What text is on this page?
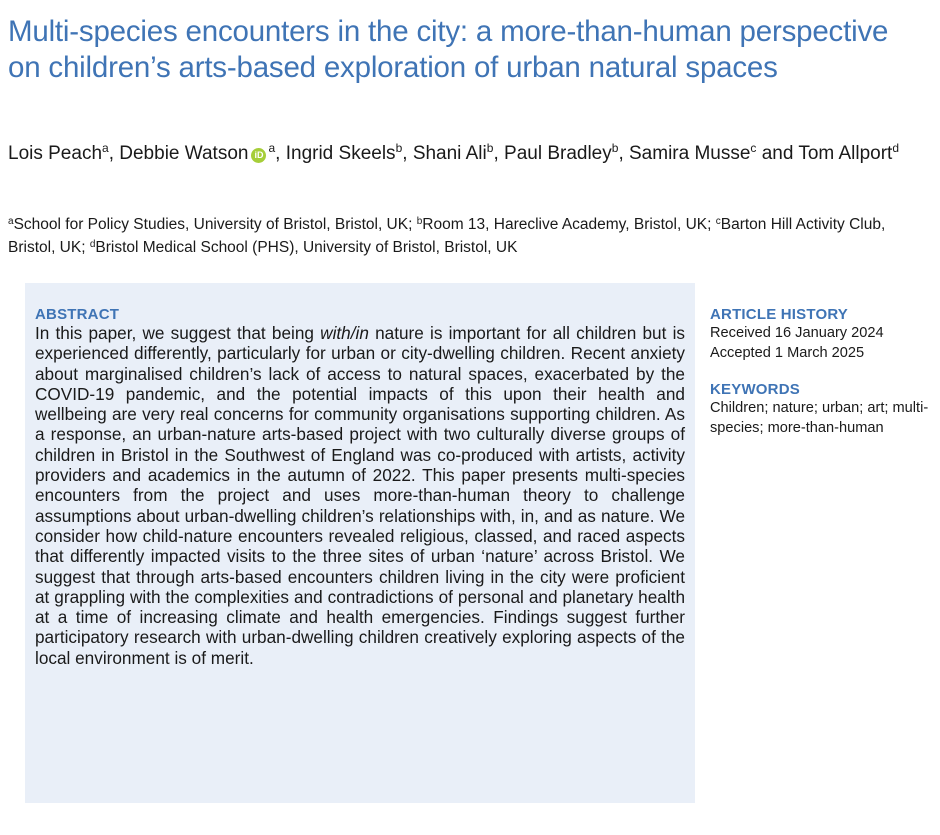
Multi-species encounters in the city: a more-than-human perspective on children’s arts-based exploration of urban natural spaces
Lois Peach$^a$, Debbie Watson iD $^a$, Ingrid Skeels$^b$, Shani Ali$^b$, Paul Bradley$^b$, Samira Musse$^c$ and Tom Allport$^d$
$^a$School for Policy Studies, University of Bristol, Bristol, UK; $^b$Room 13, Hareclive Academy, Bristol, UK; $^c$Barton Hill Activity Club, Bristol, UK; $^d$Bristol Medical School (PHS), University of Bristol, Bristol, UK
ABSTRACT

In this paper, we suggest that being with/in nature is important for all children but is experienced differently, particularly for urban or city-dwelling children. Recent anxiety about marginalised children’s lack of access to natural spaces, exacerbated by the COVID-19 pandemic, and the potential impacts of this upon their health and wellbeing are very real concerns for community organisations supporting children. As a response, an urban-nature arts-based project with two culturally diverse groups of children in Bristol in the Southwest of England was co-produced with artists, activity providers and academics in the autumn of 2022. This paper presents multi-species encounters from the project and uses more-than-human theory to challenge assumptions about urban-dwelling children’s relationships with, in, and as nature. We consider how child-nature encounters revealed religious, classed, and raced aspects that differently impacted visits to the three sites of urban ‘nature’ across Bristol. We suggest that through arts-based encounters children living in the city were proficient at grappling with the complexities and contradictions of personal and planetary health at a time of increasing climate and health emergencies. Findings suggest further participatory research with urban-dwelling children creatively exploring aspects of the local environment is of merit.

ARTICLE HISTORY
Received 16 January 2024
Accepted 1 March 2025
KEYWORDS
Children; nature; urban; art; multi-species; more-than-human
